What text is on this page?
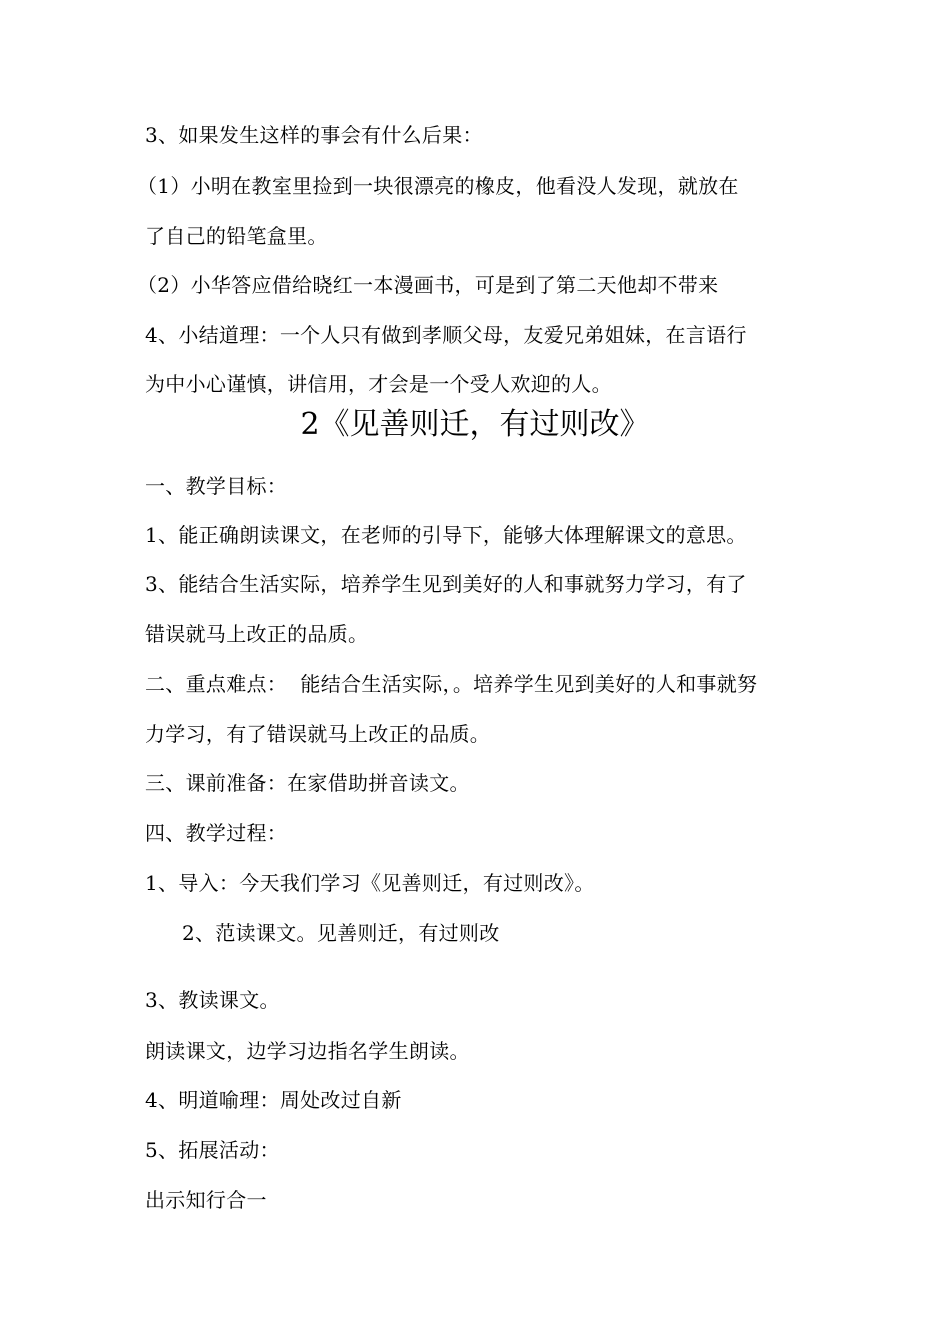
3、如果发生这样的事会有什么后果：
（1）小明在教室里捡到一块很漂亮的橡皮，他看没人发现，就放在
了自己的铅笔盒里。
（2）小华答应借给晓红一本漫画书，可是到了第二天他却不带来
4、小结道理：一个人只有做到孝顺父母，友爱兄弟姐妹，在言语行
为中小心谨慎，讲信用，才会是一个受人欢迎的人。
2《见善则迁，有过则改》
一、教学目标：
1、能正确朗读课文，在老师的引导下，能够大体理解课文的意思。
3、能结合生活实际，培养学生见到美好的人和事就努力学习，有了
错误就马上改正的品质。
二、重点难点：  能结合生活实际，。培养学生见到美好的人和事就努
力学习，有了错误就马上改正的品质。
三、课前准备：在家借助拼音读文。
四、教学过程：
1、导入：今天我们学习《见善则迁，有过则改》。
2、范读课文。见善则迁，有过则改
3、教读课文。
朗读课文，边学习边指名学生朗读。
4、明道喻理：周处改过自新
5、拓展活动：
出示知行合一
